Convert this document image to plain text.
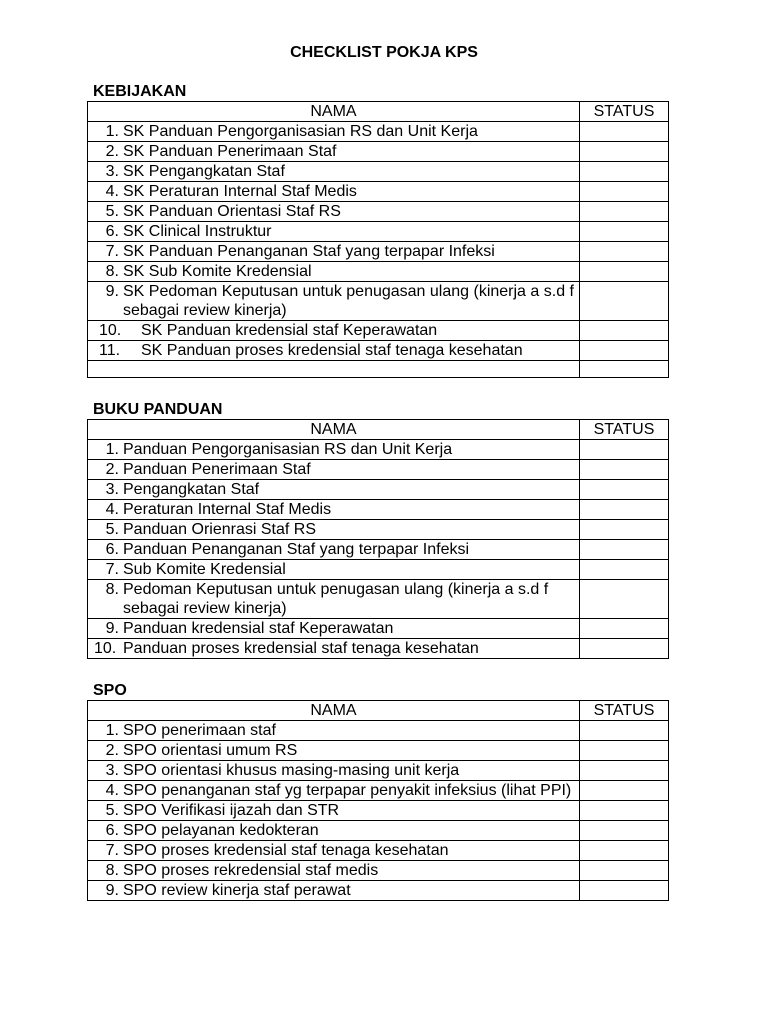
CHECKLIST POKJA KPS
KEBIJAKAN
NAMA	STATUS

1. SK Panduan Pengorganisasian RS dan Unit Kerja	

2. SK Panduan Penerimaan Staf	

3. SK Pengangkatan Staf	

4. SK Peraturan Internal Staf Medis	

5. SK Panduan Orientasi Staf RS	

6. SK Clinical Instruktur	

7. SK Panduan Penanganan Staf yang terpapar Infeksi	

8. SK Sub Komite Kredensial	

9. SK Pedoman Keputusan untuk penugasan ulang (kinerja a s.d f sebagai review kinerja)	

10. SK Panduan kredensial staf Keperawatan	

11. SK Panduan proses kredensial staf tenaga kesehatan	

BUKU PANDUAN
NAMA	STATUS

1. Panduan Pengorganisasian RS dan Unit Kerja	

2. Panduan Penerimaan Staf	

3. Pengangkatan Staf	

4. Peraturan Internal Staf Medis	

5. Panduan Orienrasi Staf RS	

6. Panduan Penanganan Staf yang terpapar Infeksi	

7. Sub Komite Kredensial	

8. Pedoman Keputusan untuk penugasan ulang (kinerja a s.d f sebagai review kinerja)	

9. Panduan kredensial staf Keperawatan	

10. Panduan proses kredensial staf tenaga kesehatan	

SPO
NAMA	STATUS

1. SPO penerimaan staf	

2. SPO orientasi umum RS	

3. SPO orientasi khusus masing-masing unit kerja	

4. SPO penanganan staf yg terpapar penyakit infeksius (lihat PPI)	

5. SPO Verifikasi ijazah dan STR	

6. SPO pelayanan kedokteran	

7. SPO proses kredensial staf tenaga kesehatan	

8. SPO proses rekredensial staf medis	

9. SPO review kinerja staf perawat	
